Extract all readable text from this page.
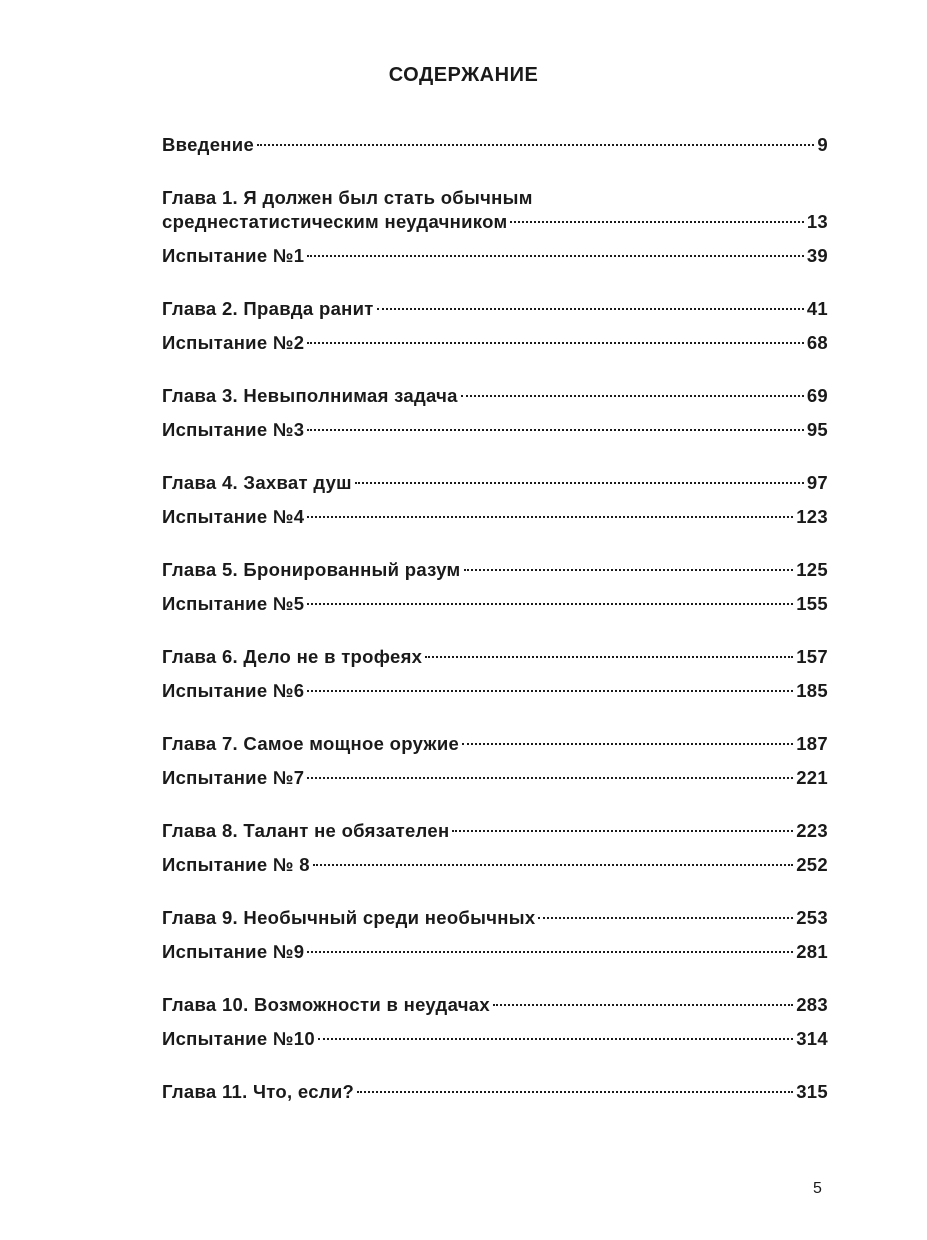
СОДЕРЖАНИЕ
Введение	9
Глава 1. Я должен был стать обычным
среднестатистическим неудачником	13
Испытание №1	39
Глава 2. Правда ранит	41
Испытание №2	68
Глава 3. Невыполнимая задача	69
Испытание №3	95
Глава 4. Захват душ	97
Испытание №4	123
Глава 5. Бронированный разум	125
Испытание №5	155
Глава 6. Дело не в трофеях	157
Испытание №6	185
Глава 7. Самое мощное оружие	187
Испытание №7	221
Глава 8. Талант не обязателен	223
Испытание № 8	252
Глава 9. Необычный среди необычных	253
Испытание №9	281
Глава 10. Возможности в неудачах	283
Испытание №10	314
Глава 11. Что, если?	315
5
